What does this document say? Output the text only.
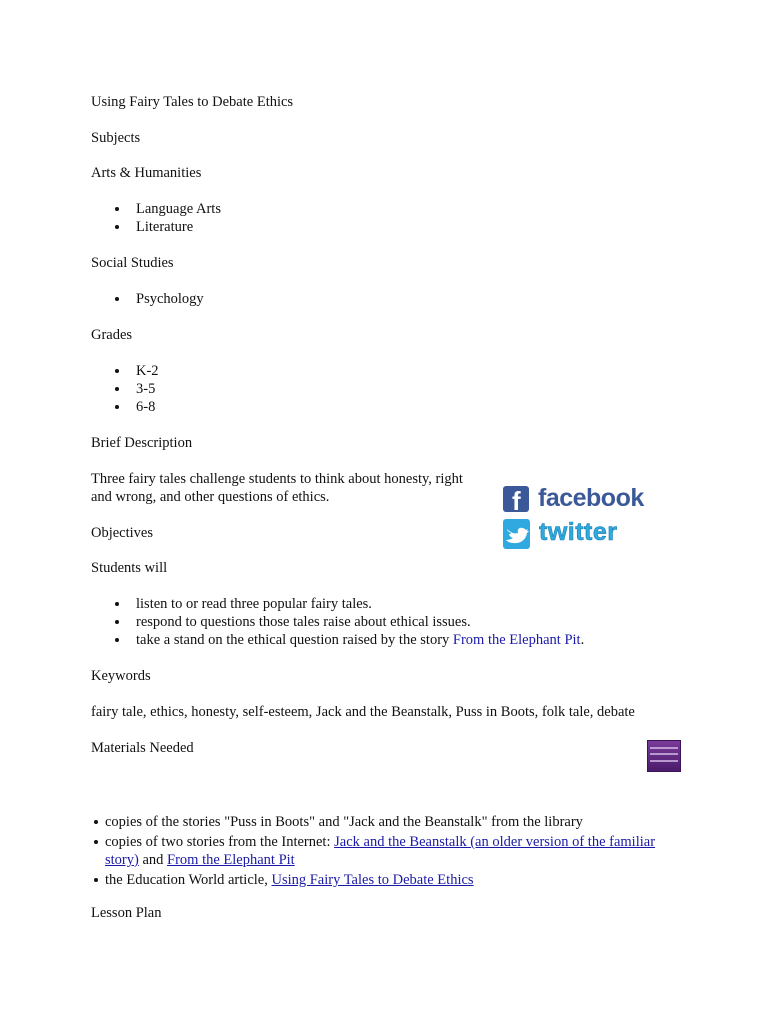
Using Fairy Tales to Debate Ethics

Subjects

Arts & Humanities

Language Arts
Literature

Social Studies

Psychology

Grades

K-2
3-5
6-8

Brief Description

Three fairy tales challenge students to think about honesty, right and wrong, and other questions of ethics.

Objectives

Students will

listen to or read three popular fairy tales.
respond to questions those tales raise about ethical issues.
take a stand on the ethical question raised by the story From the Elephant Pit.

Keywords

fairy tale, ethics, honesty, self-esteem, Jack and the Beanstalk, Puss in Boots, folk tale, debate

Materials Needed

copies of the stories "Puss in Boots" and "Jack and the Beanstalk" from the library
copies of two stories from the Internet: Jack and the Beanstalk (an older version of the familiar story) and From the Elephant Pit
the Education World article, Using Fairy Tales to Debate Ethics

Lesson Plan

f facebook
twitter
